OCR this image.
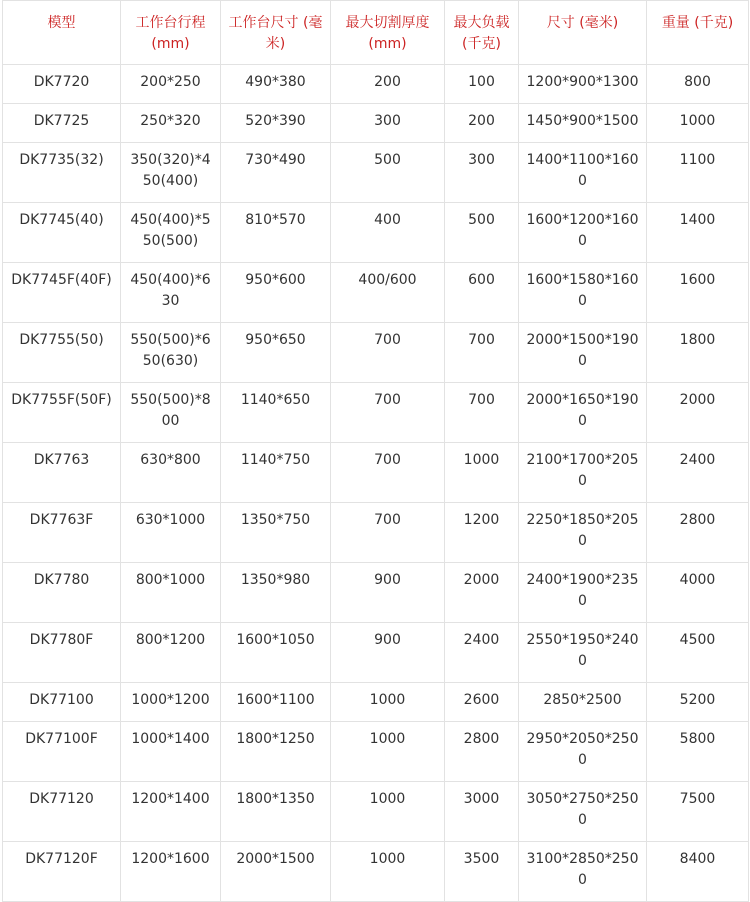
模型	工作台行程 (mm)	工作台尺寸 (毫米)	最大切割厚度 (mm)	最大负载 (千克)	尺寸 (毫米)	重量 (千克)
DK7720	200*250	490*380	200	100	1200*900*1300	800
DK7725	250*320	520*390	300	200	1450*900*1500	1000
DK7735(32)	350(320)*450(400)	730*490	500	300	1400*1100*1600	1100
DK7745(40)	450(400)*550(500)	810*570	400	500	1600*1200*1600	1400
DK7745F(40F)	450(400)*630	950*600	400/600	600	1600*1580*1600	1600
DK7755(50)	550(500)*650(630)	950*650	700	700	2000*1500*1900	1800
DK7755F(50F)	550(500)*800	1140*650	700	700	2000*1650*1900	2000
DK7763	630*800	1140*750	700	1000	2100*1700*2050	2400
DK7763F	630*1000	1350*750	700	1200	2250*1850*2050	2800
DK7780	800*1000	1350*980	900	2000	2400*1900*2350	4000
DK7780F	800*1200	1600*1050	900	2400	2550*1950*2400	4500
DK77100	1000*1200	1600*1100	1000	2600	2850*2500	5200
DK77100F	1000*1400	1800*1250	1000	2800	2950*2050*2500	5800
DK77120	1200*1400	1800*1350	1000	3000	3050*2750*2500	7500
DK77120F	1200*1600	2000*1500	1000	3500	3100*2850*2500	8400
